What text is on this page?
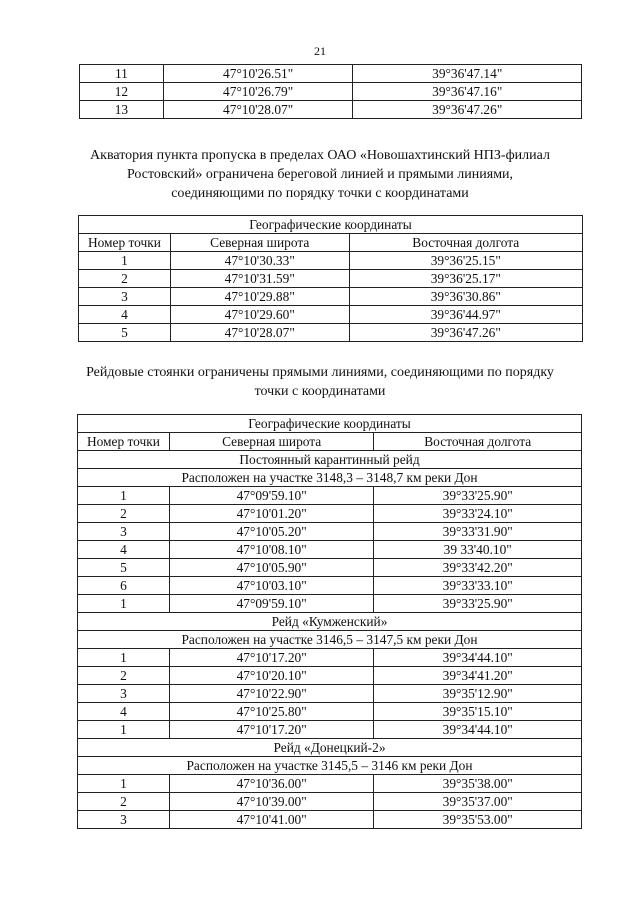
21
11	47°10'26.51"	39°36'47.14"
12	47°10'26.79"	39°36'47.16"
13	47°10'28.07"	39°36'47.26"
Акватория пункта пропуска в пределах ОАО «Новошахтинский НПЗ-филиал
Ростовский» ограничена береговой линией и прямыми линиями,
соединяющими по порядку точки с координатами
Географические координаты		
Номер точки	Северная широта	Восточная долгота
1	47°10'30.33"	39°36'25.15"
2	47°10'31.59"	39°36'25.17"
3	47°10'29.88"	39°36'30.86"
4	47°10'29.60"	39°36'44.97"
5	47°10'28.07"	39°36'47.26"
Рейдовые стоянки ограничены прямыми линиями, соединяющими по порядку
точки с координатами
Географические координаты		
Номер точки	Северная широта	Восточная долгота
Постоянный карантинный рейд		
Расположен на участке 3148,3 – 3148,7 км реки Дон		
1	47°09'59.10"	39°33'25.90"
2	47°10'01.20"	39°33'24.10"
3	47°10'05.20"	39°33'31.90"
4	47°10'08.10"	39 33'40.10"
5	47°10'05.90"	39°33'42.20"
6	47°10'03.10"	39°33'33.10"
1	47°09'59.10"	39°33'25.90"
Рейд «Кумженский»		
Расположен на участке 3146,5 – 3147,5 км реки Дон		
1	47°10'17.20"	39°34'44.10"
2	47°10'20.10"	39°34'41.20"
3	47°10'22.90"	39°35'12.90"
4	47°10'25.80"	39°35'15.10"
1	47°10'17.20"	39°34'44.10"
Рейд «Донецкий-2»		
Расположен на участке 3145,5 – 3146 км реки Дон		
1	47°10'36.00"	39°35'38.00"
2	47°10'39.00"	39°35'37.00"
3	47°10'41.00"	39°35'53.00"
